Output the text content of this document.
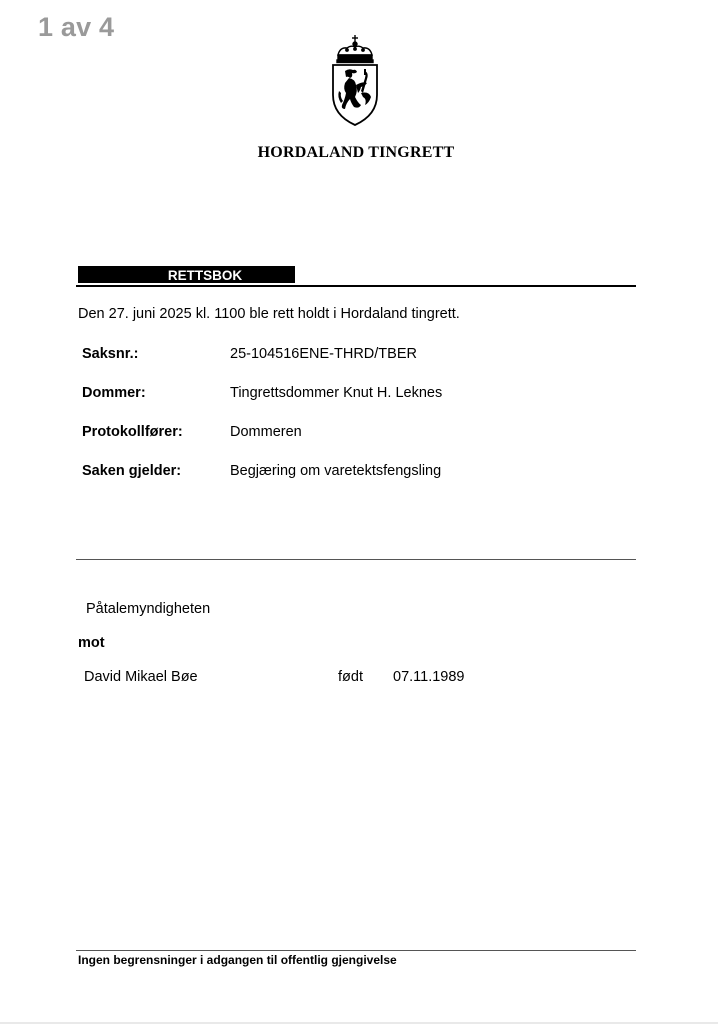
1 av 4
HORDALAND TINGRETT
RETTSBOK
Den 27. juni 2025 kl. 1100 ble rett holdt i Hordaland tingrett.
Saksnr.:	25-104516ENE-THRD/TBER
Dommer:	Tingrettsdommer Knut H. Leknes
Protokollfører:	Dommeren
Saken gjelder:	Begjæring om varetektsfengsling
Påtalemyndigheten
mot
David Mikael Bøe	født 07.11.1989
Ingen begrensninger i adgangen til offentlig gjengivelse
